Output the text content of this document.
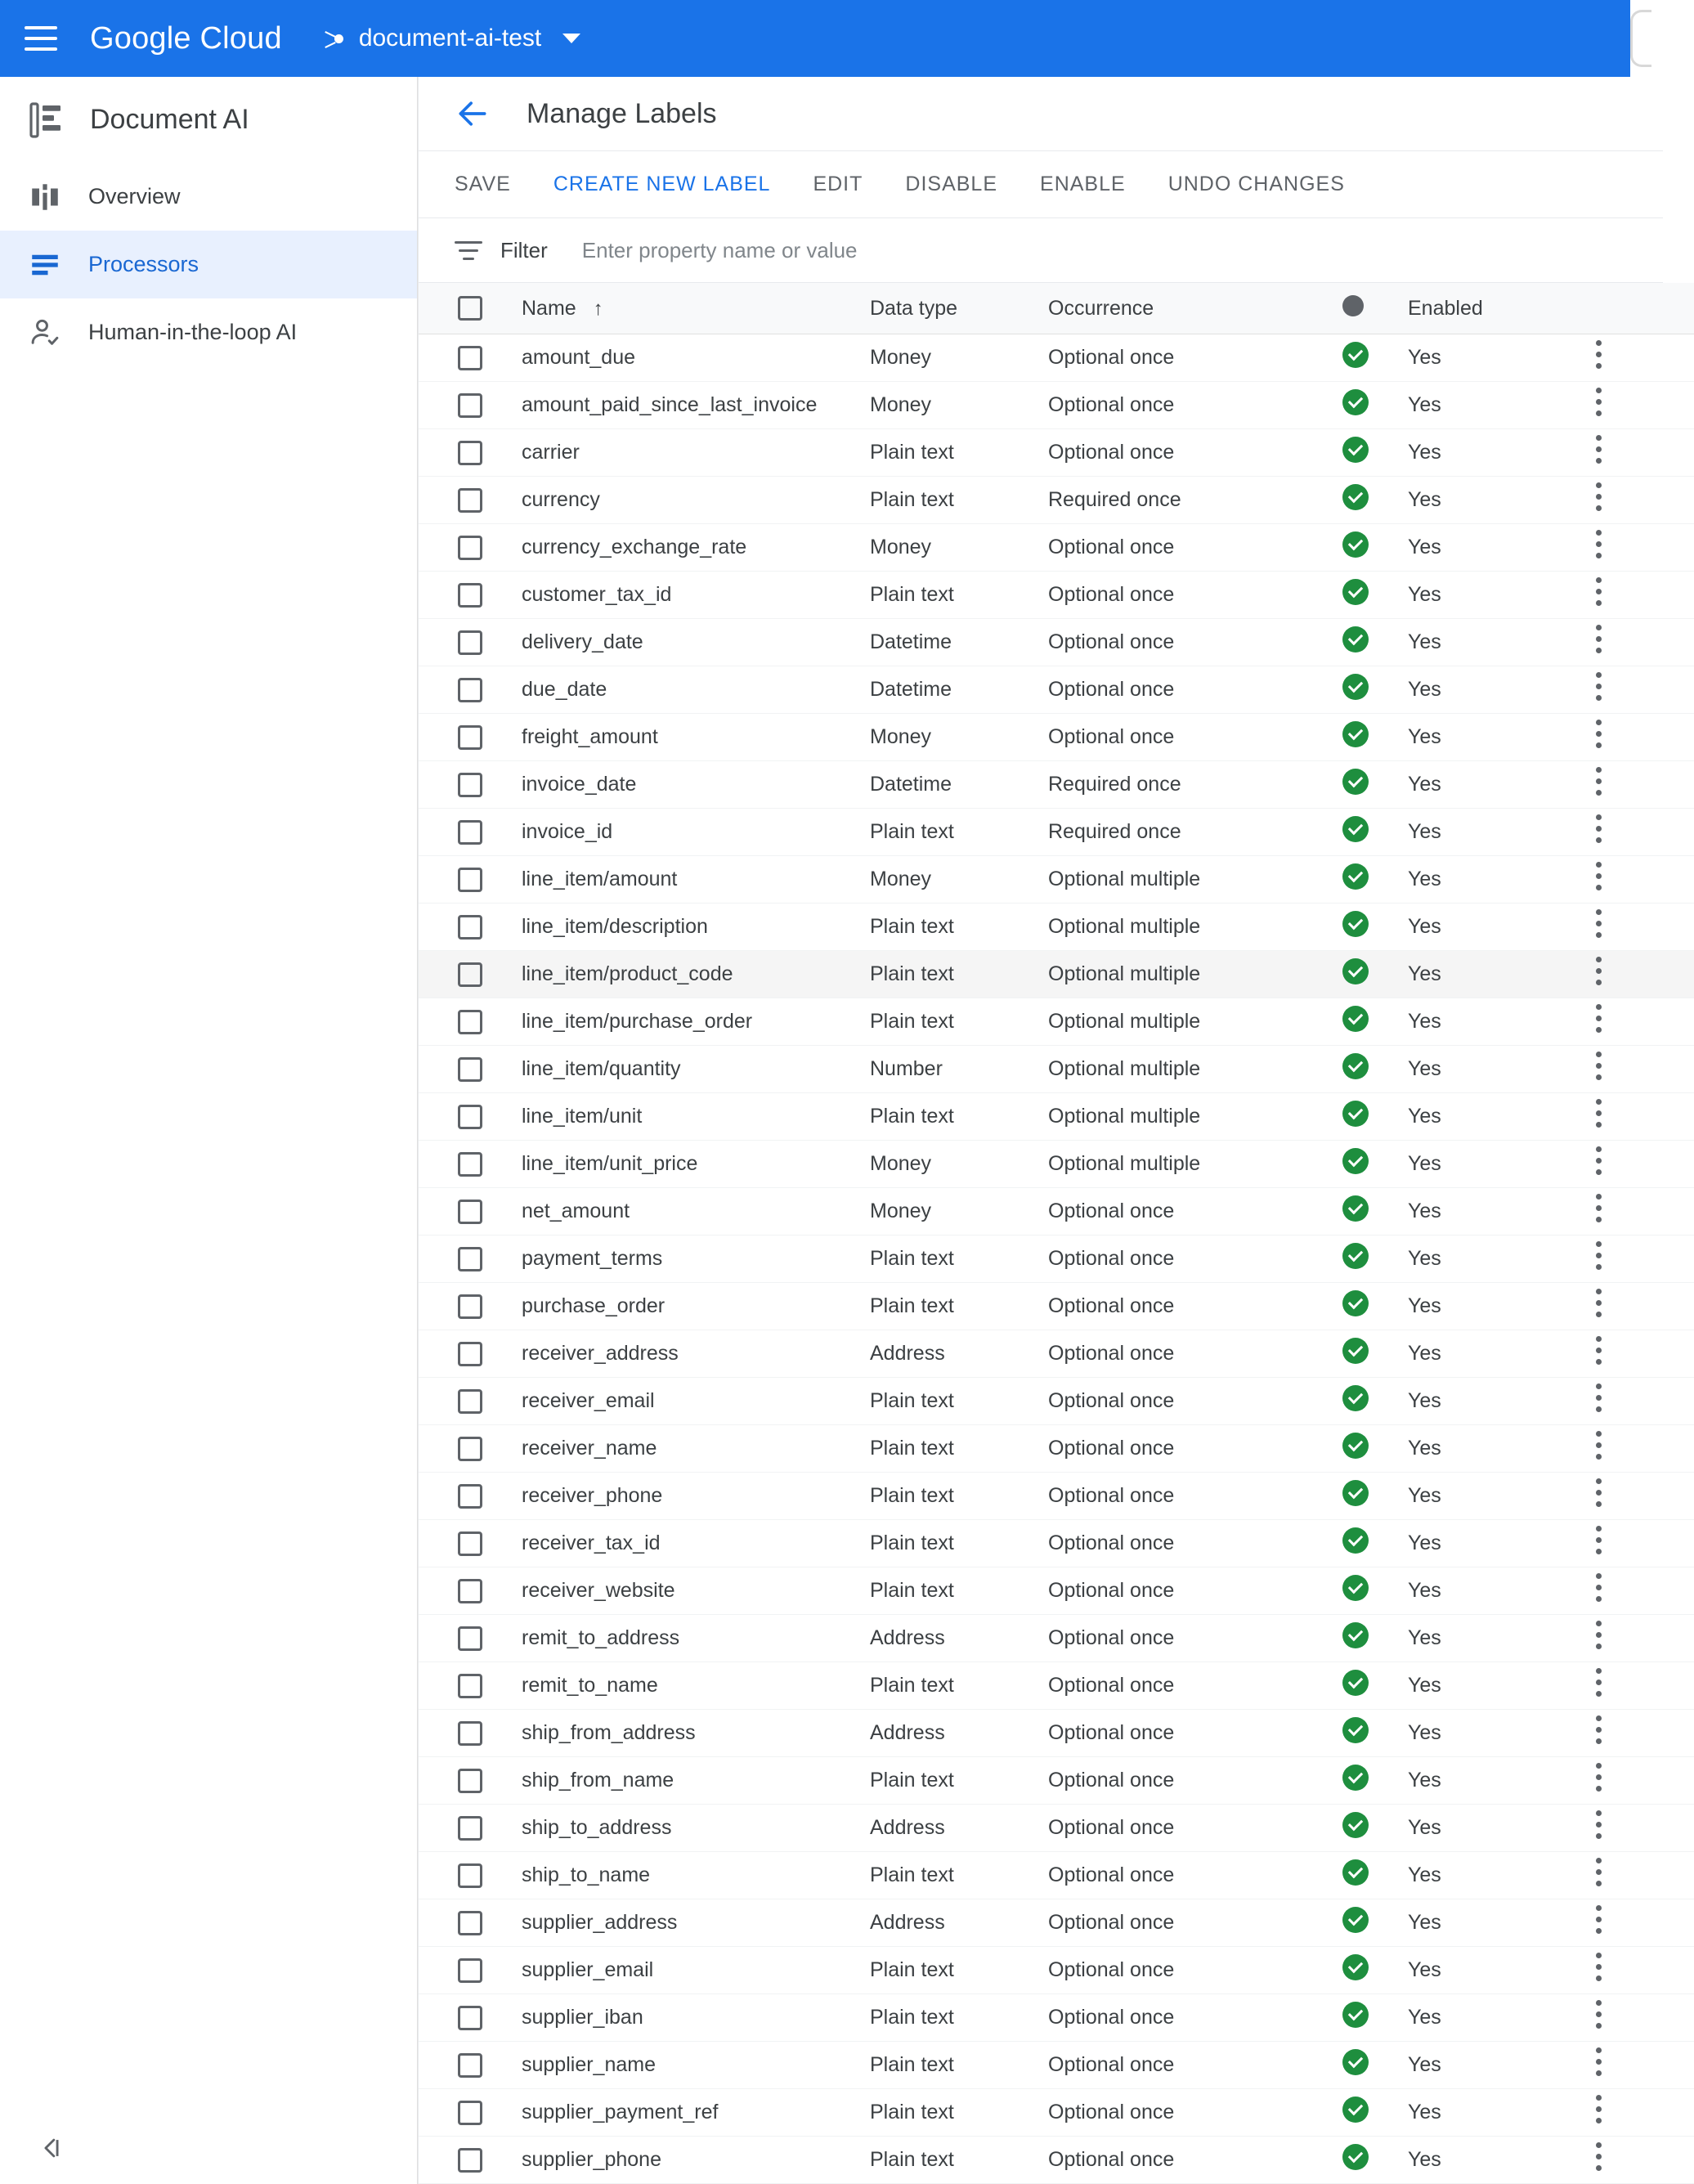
Google Cloud	document-ai-test
Document AI
Overview
Processors
Human-in-the-loop AI
Manage Labels
SAVE	CREATE NEW LABEL	EDIT	DISABLE	ENABLE	UNDO CHANGES
Filter
Enter property name or value

	Name ↑	Data type	Occurrence		Enabled	

	amount_due	Money	Optional once		Yes	

	amount_paid_since_last_invoice	Money	Optional once		Yes	

	carrier	Plain text	Optional once		Yes	

	currency	Plain text	Required once		Yes	

	currency_exchange_rate	Money	Optional once		Yes	

	customer_tax_id	Plain text	Optional once		Yes	

	delivery_date	Datetime	Optional once		Yes	

	due_date	Datetime	Optional once		Yes	

	freight_amount	Money	Optional once		Yes	

	invoice_date	Datetime	Required once		Yes	

	invoice_id	Plain text	Required once		Yes	

	line_item/amount	Money	Optional multiple		Yes	

	line_item/description	Plain text	Optional multiple		Yes	

	line_item/product_code	Plain text	Optional multiple		Yes	

	line_item/purchase_order	Plain text	Optional multiple		Yes	

	line_item/quantity	Number	Optional multiple		Yes	

	line_item/unit	Plain text	Optional multiple		Yes	

	line_item/unit_price	Money	Optional multiple		Yes	

	net_amount	Money	Optional once		Yes	

	payment_terms	Plain text	Optional once		Yes	

	purchase_order	Plain text	Optional once		Yes	

	receiver_address	Address	Optional once		Yes	

	receiver_email	Plain text	Optional once		Yes	

	receiver_name	Plain text	Optional once		Yes	

	receiver_phone	Plain text	Optional once		Yes	

	receiver_tax_id	Plain text	Optional once		Yes	

	receiver_website	Plain text	Optional once		Yes	

	remit_to_address	Address	Optional once		Yes	

	remit_to_name	Plain text	Optional once		Yes	

	ship_from_address	Address	Optional once		Yes	

	ship_from_name	Plain text	Optional once		Yes	

	ship_to_address	Address	Optional once		Yes	

	ship_to_name	Plain text	Optional once		Yes	

	supplier_address	Address	Optional once		Yes	

	supplier_email	Plain text	Optional once		Yes	

	supplier_iban	Plain text	Optional once		Yes	

	supplier_name	Plain text	Optional once		Yes	

	supplier_payment_ref	Plain text	Optional once		Yes	

	supplier_phone	Plain text	Optional once		Yes	
